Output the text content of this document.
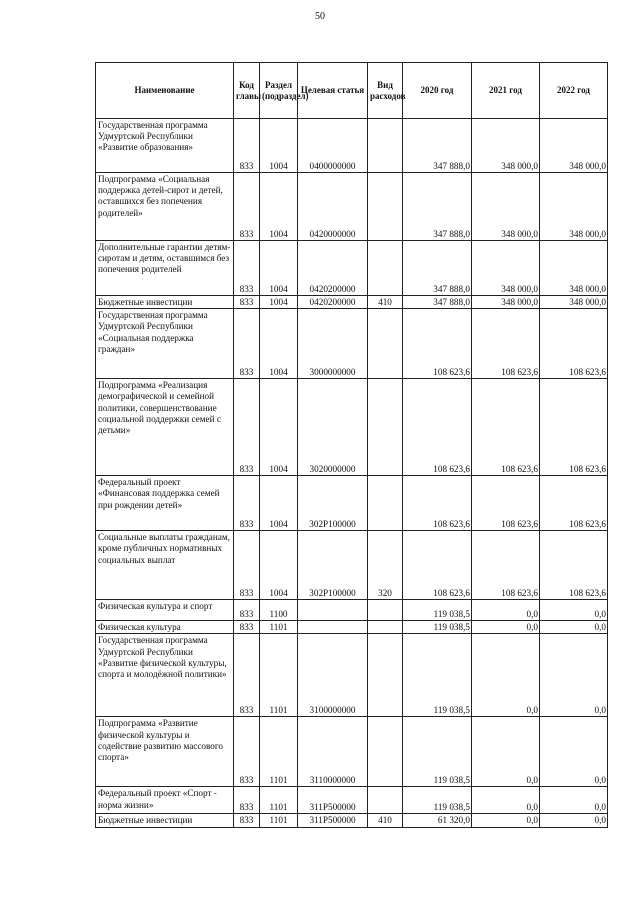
50
Наименование	Код главы	Раздел (подраздел)	Целевая статья	Вид расходов	2020 год	2021 год	2022 год
Государственная программа Удмуртской Республики «Развитие образования»	833	1004	0400000000		347 888,0	348 000,0	348 000,0
Подпрограмма «Социальная поддержка детей-сирот и детей, оставшихся без попечения родителей»	833	1004	0420000000		347 888,0	348 000,0	348 000,0
Дополнительные гарантии детям-сиротам и детям, оставшимся без попечения родителей	833	1004	0420200000		347 888,0	348 000,0	348 000,0
Бюджетные инвестиции	833	1004	0420200000	410	347 888,0	348 000,0	348 000,0
Государственная программа Удмуртской Республики «Социальная поддержка граждан»	833	1004	3000000000		108 623,6	108 623,6	108 623,6
Подпрограмма «Реализация демографической и семейной политики, совершенствование социальной поддержки семей с детьми»	833	1004	3020000000		108 623,6	108 623,6	108 623,6
Федеральный проект «Финансовая поддержка семей при рождении детей»	833	1004	302P100000		108 623,6	108 623,6	108 623,6
Социальные выплаты гражданам, кроме публичных нормативных социальных выплат	833	1004	302P100000	320	108 623,6	108 623,6	108 623,6
Физическая культура и спорт	833	1100			119 038,5	0,0	0,0
Физическая культура	833	1101			119 038,5	0,0	0,0
Государственная программа Удмуртской Республики «Развитие физической культуры, спорта и молодёжной политики»	833	1101	3100000000		119 038,5	0,0	0,0
Подпрограмма «Развитие физической культуры и содействие развитию массового спорта»	833	1101	3110000000		119 038,5	0,0	0,0
Федеральный проект «Спорт - норма жизни»	833	1101	311P500000		119 038,5	0,0	0,0
Бюджетные инвестиции	833	1101	311P500000	410	61 320,0	0,0	0,0
